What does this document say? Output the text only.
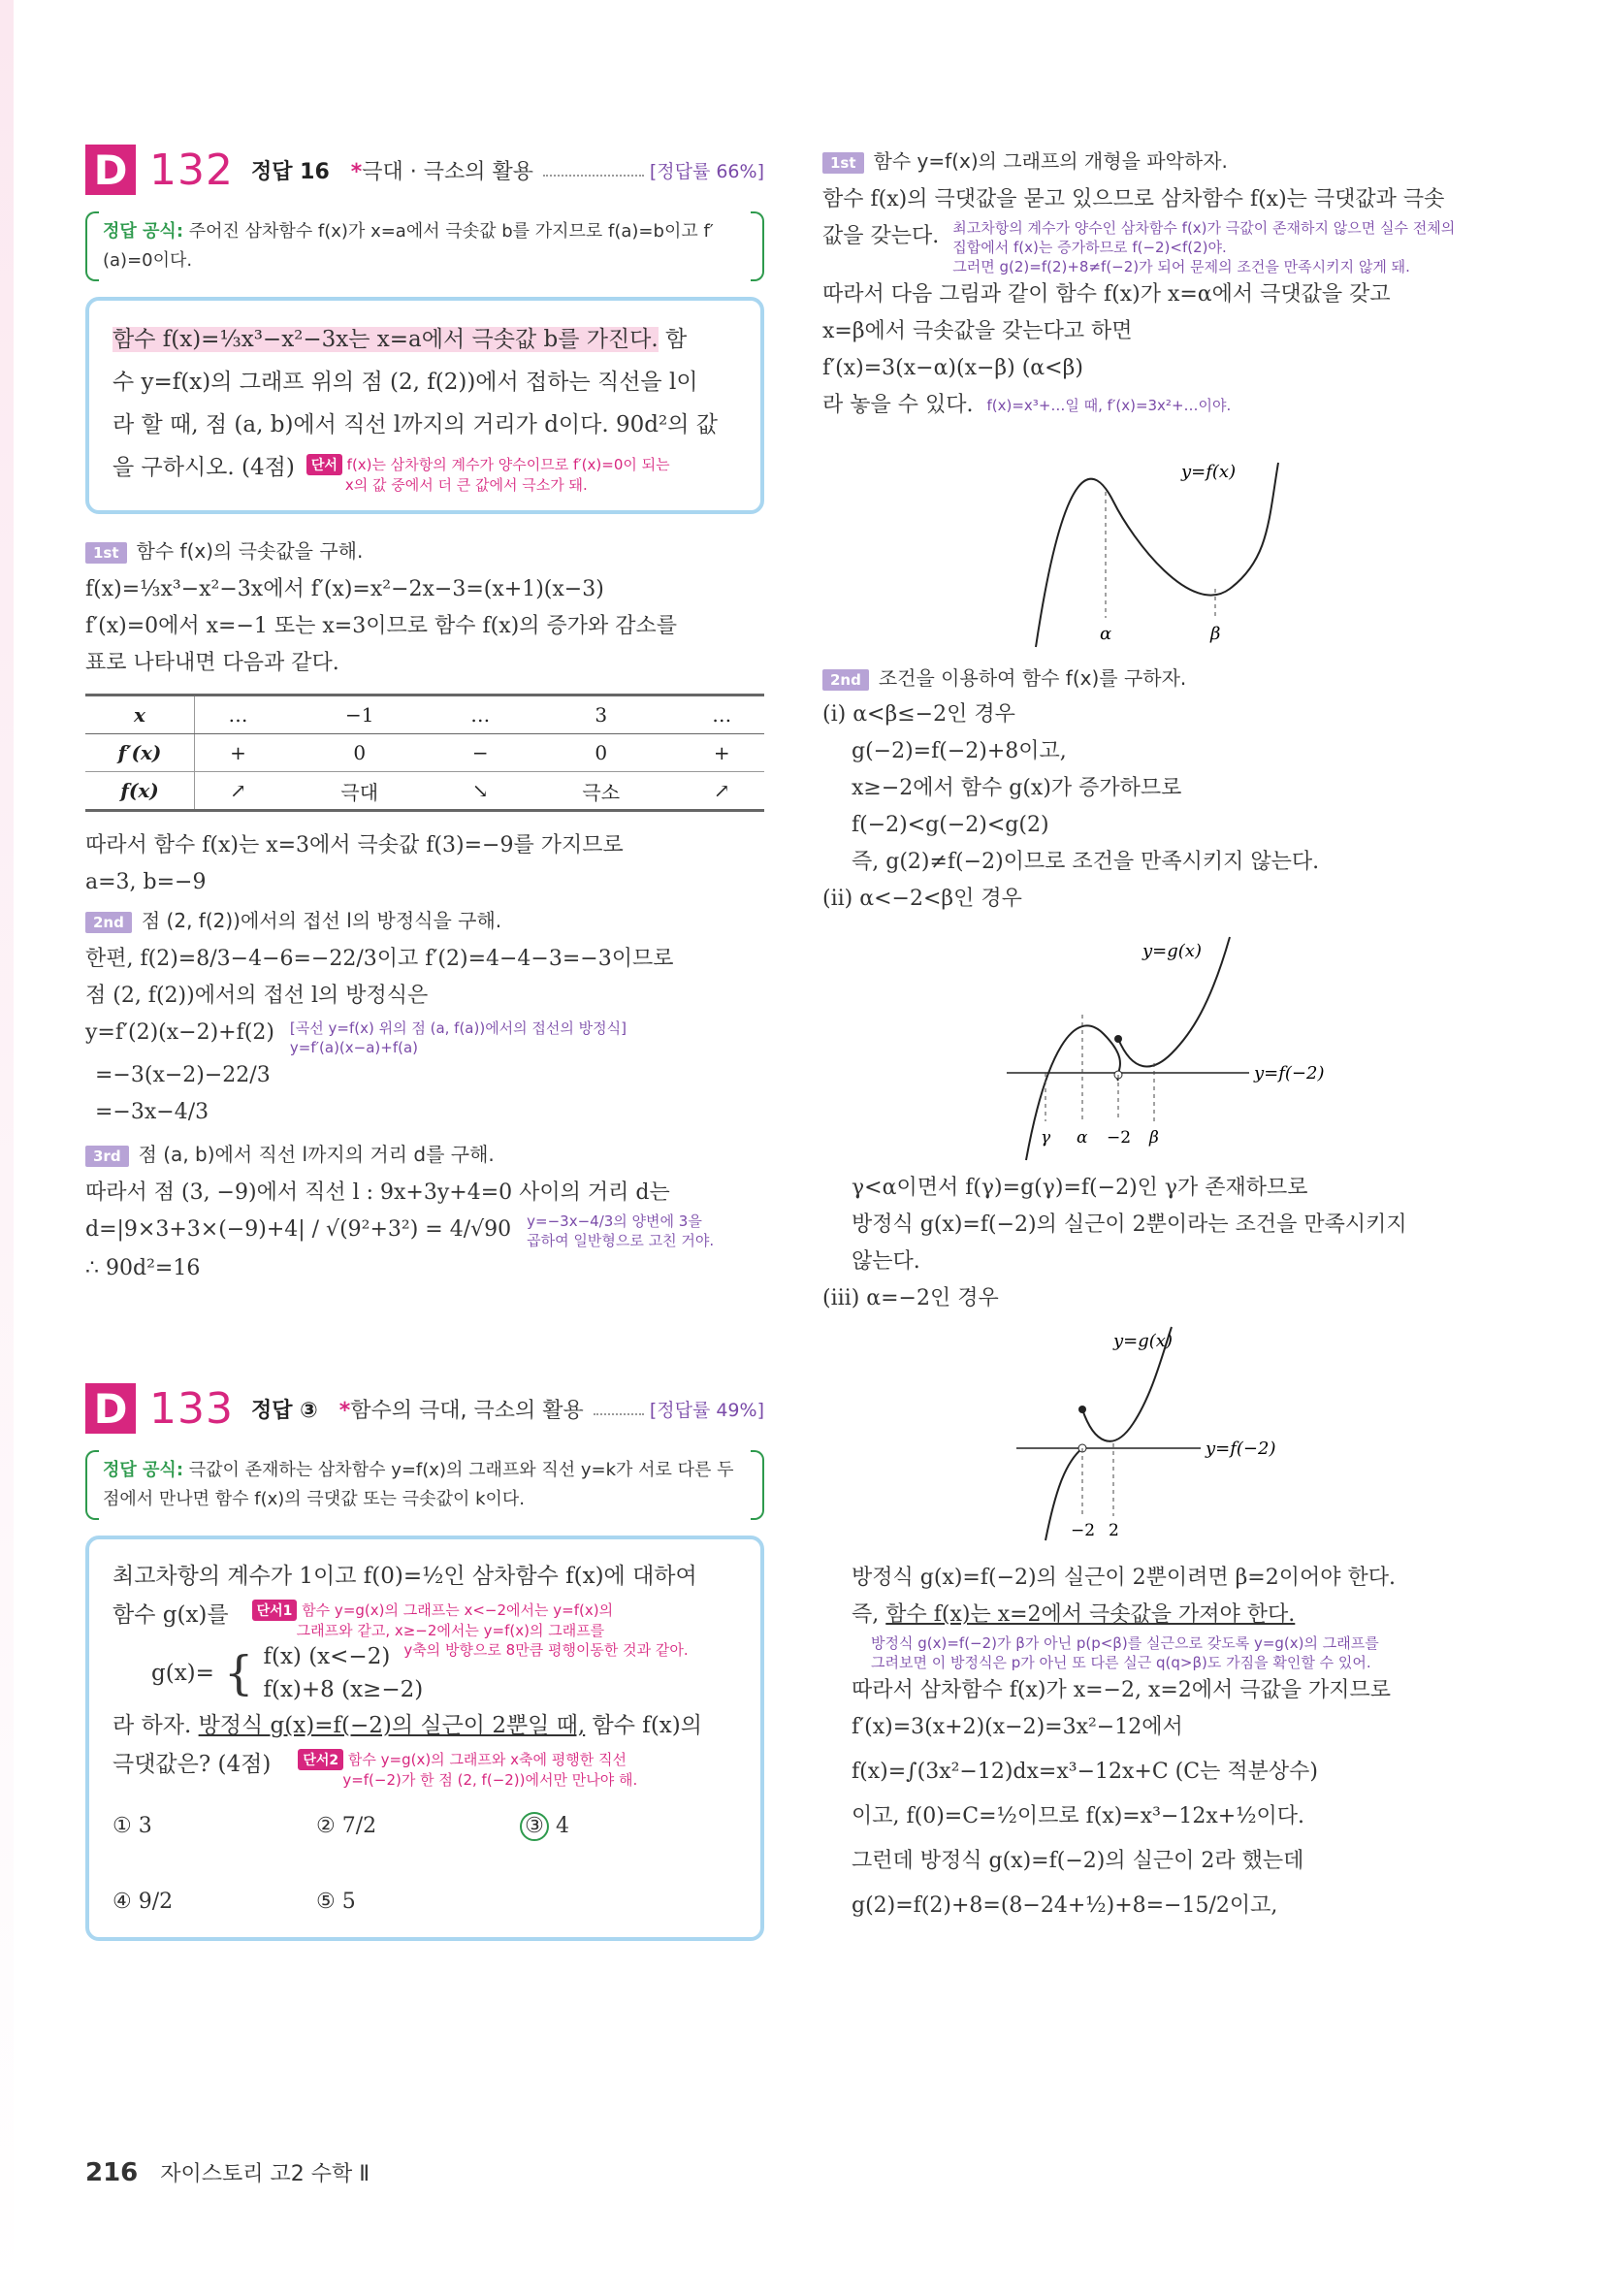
D 132 정답 16 *극대 · 극소의 활용	[정답률 66%]
정답 공식: 주어진 삼차함수 f(x)가 x=a에서 극솟값 b를 가지므로 f(a)=b이고 f′(a)=0이다.
함수 f(x)=⅓x³−x²−3x는 x=a에서 극솟값 b를 가진다. 함
수 y=f(x)의 그래프 위의 점 (2, f(2))에서 접하는 직선을 l이
라 할 때, 점 (a, b)에서 직선 l까지의 거리가 d이다. 90d²의 값
을 구하시오. (4점)	단서 f(x)는 삼차항의 계수가 양수이므로 f′(x)=0이 되는
x의 값 중에서 더 큰 값에서 극소가 돼.
1st 함수 f(x)의 극솟값을 구해.
f(x)=⅓x³−x²−3x에서 f′(x)=x²−2x−3=(x+1)(x−3)
f′(x)=0에서 x=−1 또는 x=3이므로 함수 f(x)의 증가와 감소를
표로 나타내면 다음과 같다.
x	…	−1	…	3	…
f′(x)	+	0	−	0	+
f(x)	↗	극대	↘	극소	↗
따라서 함수 f(x)는 x=3에서 극솟값 f(3)=−9를 가지므로
a=3, b=−9
2nd 점 (2, f(2))에서의 접선 l의 방정식을 구해.
한편, f(2)=8/3−4−6=−22/3이고 f′(2)=4−4−3=−3이므로
점 (2, f(2))에서의 접선 l의 방정식은
y=f′(2)(x−2)+f(2) [곡선 y=f(x) 위의 점 (a, f(a))에서의 접선의 방정식]
y=f′(a)(x−a)+f(a)
=−3(x−2)−22/3
=−3x−4/3
3rd 점 (a, b)에서 직선 l까지의 거리 d를 구해.
따라서 점 (3, −9)에서 직선 l : 9x+3y+4=0 사이의 거리 d는
d=|9×3+3×(−9)+4| / √(9²+3²) = 4/√90 y=−3x−4/3의 양변에 3을
곱하여 일반형으로 고친 거야.
∴ 90d²=16
D 133 정답 ③ *함수의 극대, 극소의 활용	[정답률 49%]
정답 공식: 극값이 존재하는 삼차함수 y=f(x)의 그래프와 직선 y=k가 서로 다른 두 점에서 만나면 함수 f(x)의 극댓값 또는 극솟값이 k이다.
최고차항의 계수가 1이고 f(0)=½인 삼차함수 f(x)에 대하여
함수 g(x)를	단서1 함수 y=g(x)의 그래프는 x<−2에서는 y=f(x)의
그래프와 같고, x≥−2에서는 y=f(x)의 그래프를
g(x)= { f(x) (x<−2) y축의 방향으로 8만큼 평행이동한 것과 같아.
f(x)+8 (x≥−2)
라 하자. 방정식 g(x)=f(−2)의 실근이 2뿐일 때, 함수 f(x)의
극댓값은? (4점)	단서2 함수 y=g(x)의 그래프와 x축에 평행한 직선
y=f(−2)가 한 점 (2, f(−2))에서만 만나야 해.
① 3	② 7/2	③ 4
④ 9/2	⑤ 5
1st 함수 y=f(x)의 그래프의 개형을 파악하자.
함수 f(x)의 극댓값을 묻고 있으므로 삼차함수 f(x)는 극댓값과 극솟
값을 갖는다. 최고차항의 계수가 양수인 삼차함수 f(x)가 극값이 존재하지 않으면 실수 전체의
집합에서 f(x)는 증가하므로 f(−2)<f(2)야.
그러면 g(2)=f(2)+8≠f(−2)가 되어 문제의 조건을 만족시키지 않게 돼.
따라서 다음 그림과 같이 함수 f(x)가 x=α에서 극댓값을 갖고
x=β에서 극솟값을 갖는다고 하면
f′(x)=3(x−α)(x−β) (α<β)
라 놓을 수 있다. f(x)=x³+…일 때, f′(x)=3x²+…이야.
y=f(x)
α	β
2nd 조건을 이용하여 함수 f(x)를 구하자.
(ⅰ) α<β≤−2인 경우
g(−2)=f(−2)+8이고,
x≥−2에서 함수 g(x)가 증가하므로
f(−2)<g(−2)<g(2)
즉, g(2)≠f(−2)이므로 조건을 만족시키지 않는다.
(ⅱ) α<−2<β인 경우
y=g(x)
y=f(−2)
γ α −2 β
γ<α이면서 f(γ)=g(γ)=f(−2)인 γ가 존재하므로
방정식 g(x)=f(−2)의 실근이 2뿐이라는 조건을 만족시키지
않는다.
(ⅲ) α=−2인 경우
y=g(x)
y=f(−2)
−2 2
방정식 g(x)=f(−2)의 실근이 2뿐이려면 β=2이어야 한다.
즉, 함수 f(x)는 x=2에서 극솟값을 가져야 한다.
방정식 g(x)=f(−2)가 β가 아닌 p(p<β)를 실근으로 갖도록 y=g(x)의 그래프를
그려보면 이 방정식은 p가 아닌 또 다른 실근 q(q>β)도 가짐을 확인할 수 있어.
따라서 삼차함수 f(x)가 x=−2, x=2에서 극값을 가지므로
f′(x)=3(x+2)(x−2)=3x²−12에서
f(x)=∫(3x²−12)dx=x³−12x+C (C는 적분상수)
이고, f(0)=C=½이므로 f(x)=x³−12x+½이다.
그런데 방정식 g(x)=f(−2)의 실근이 2라 했는데
g(2)=f(2)+8=(8−24+½)+8=−15/2이고,
216 자이스토리 고2 수학 Ⅱ
